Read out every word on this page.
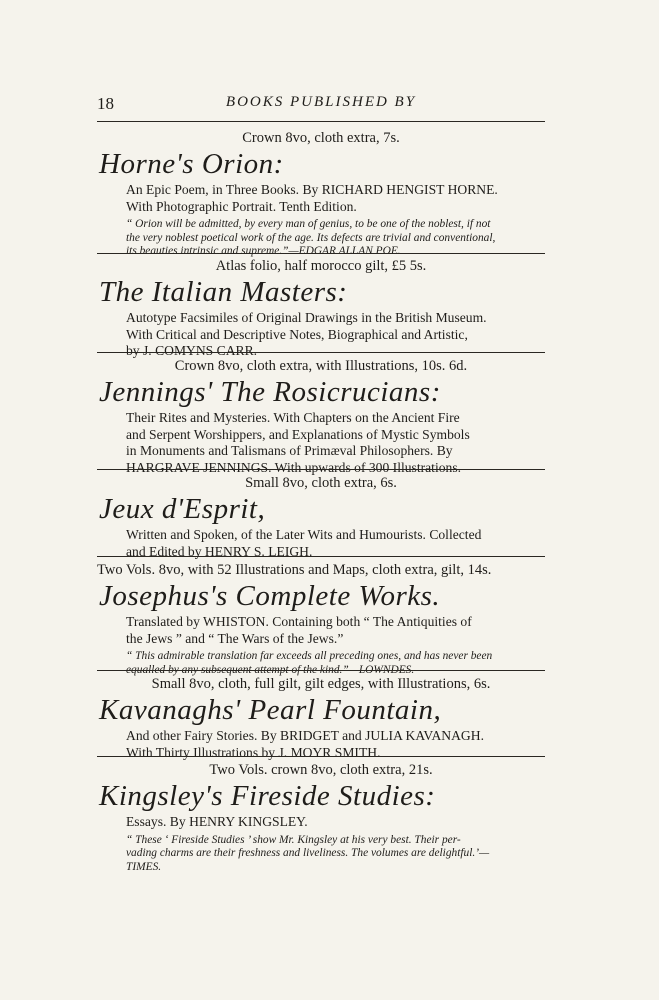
18	BOOKS PUBLISHED BY

Crown 8vo, cloth extra, 7s.

Horne's Orion:

An Epic Poem, in Three Books. By RICHARD HENGIST HORNE.
With Photographic Portrait. Tenth Edition.
“ Orion will be admitted, by every man of genius, to be one of the noblest, if not
the very noblest poetical work of the age. Its defects are trivial and conventional,
its beauties intrinsic and supreme.”—EDGAR ALLAN POE.

Atlas folio, half morocco gilt, £5 5s.

The Italian Masters:

Autotype Facsimiles of Original Drawings in the British Museum.
With Critical and Descriptive Notes, Biographical and Artistic,
by J. COMYNS CARR.

Crown 8vo, cloth extra, with Illustrations, 10s. 6d.

Jennings' The Rosicrucians:

Their Rites and Mysteries. With Chapters on the Ancient Fire
and Serpent Worshippers, and Explanations of Mystic Symbols
in Monuments and Talismans of Primæval Philosophers. By
HARGRAVE JENNINGS. With upwards of 300 Illustrations.

Small 8vo, cloth extra, 6s.

Jeux d'Esprit,

Written and Spoken, of the Later Wits and Humourists. Collected
and Edited by HENRY S. LEIGH.

Two Vols. 8vo, with 52 Illustrations and Maps, cloth extra, gilt, 14s.

Josephus's Complete Works.

Translated by WHISTON. Containing both “ The Antiquities of
the Jews ” and “ The Wars of the Jews.”
“ This admirable translation far exceeds all preceding ones, and has never been
equalled by any subsequent attempt of the kind.”—LOWNDES.

Small 8vo, cloth, full gilt, gilt edges, with Illustrations, 6s.

Kavanaghs' Pearl Fountain,

And other Fairy Stories. By BRIDGET and JULIA KAVANAGH.
With Thirty Illustrations by J. MOYR SMITH.

Two Vols. crown 8vo, cloth extra, 21s.

Kingsley's Fireside Studies:

Essays. By HENRY KINGSLEY.
“ These ‘ Fireside Studies ’ show Mr. Kingsley at his very best. Their per-
vading charms are their freshness and liveliness. The volumes are delightful.’—
TIMES.
